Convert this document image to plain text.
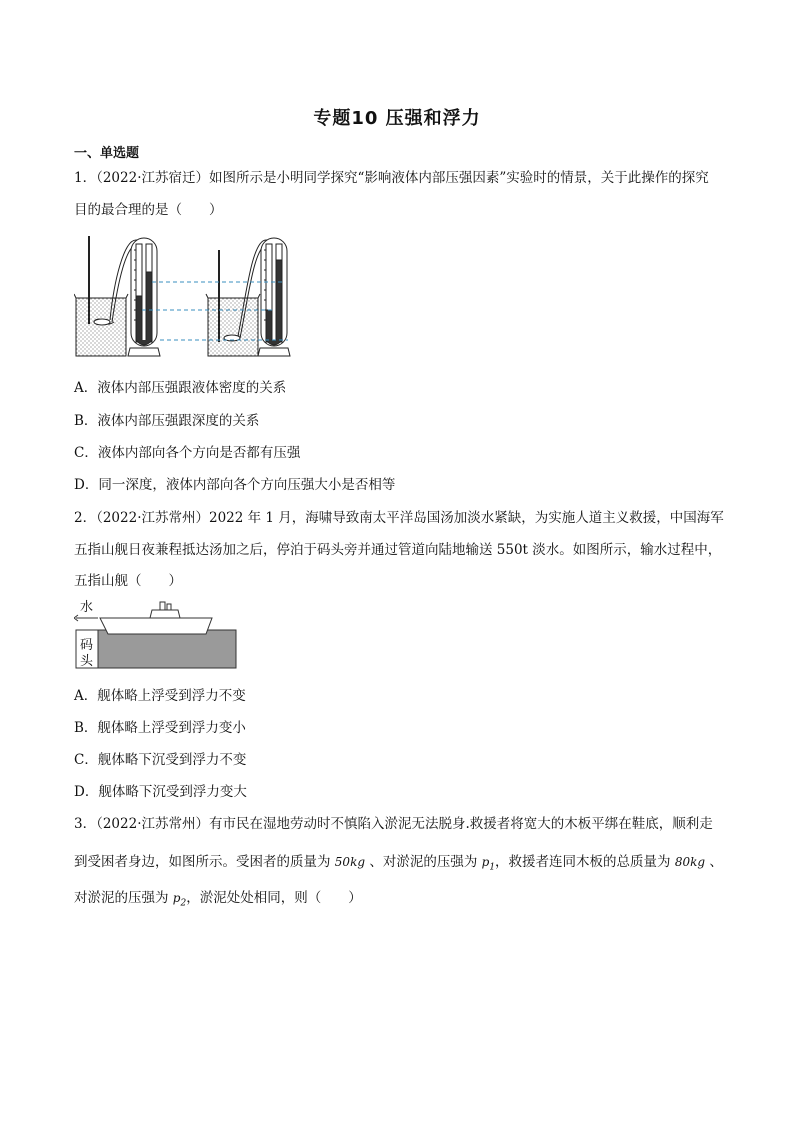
专题10 压强和浮力
一、单选题
1．（2022·江苏宿迁）如图所示是小明同学探究“影响液体内部压强因素”实验时的情景，关于此操作的探究
目的最合理的是（　　）
A．液体内部压强跟液体密度的关系
B．液体内部压强跟深度的关系
C．液体内部向各个方向是否都有压强
D．同一深度，液体内部向各个方向压强大小是否相等
2．（2022·江苏常州）2022 年 1 月，海啸导致南太平洋岛国汤加淡水紧缺，为实施人道主义救援，中国海军
五指山舰日夜兼程抵达汤加之后，停泊于码头旁并通过管道向陆地输送 550t 淡水。如图所示，输水过程中，
五指山舰（　　）
水
码
头
A．舰体略上浮受到浮力不变
B．舰体略上浮受到浮力变小
C．舰体略下沉受到浮力不变
D．舰体略下沉受到浮力变大
3．（2022·江苏常州）有市民在湿地劳动时不慎陷入淤泥无法脱身.救援者将宽大的木板平绑在鞋底，顺利走
到受困者身边，如图所示。受困者的质量为 50kg 、对淤泥的压强为 $p_1$，救援者连同木板的总质量为 80kg 、
对淤泥的压强为 $p_2$，淤泥处处相同，则（　　）
